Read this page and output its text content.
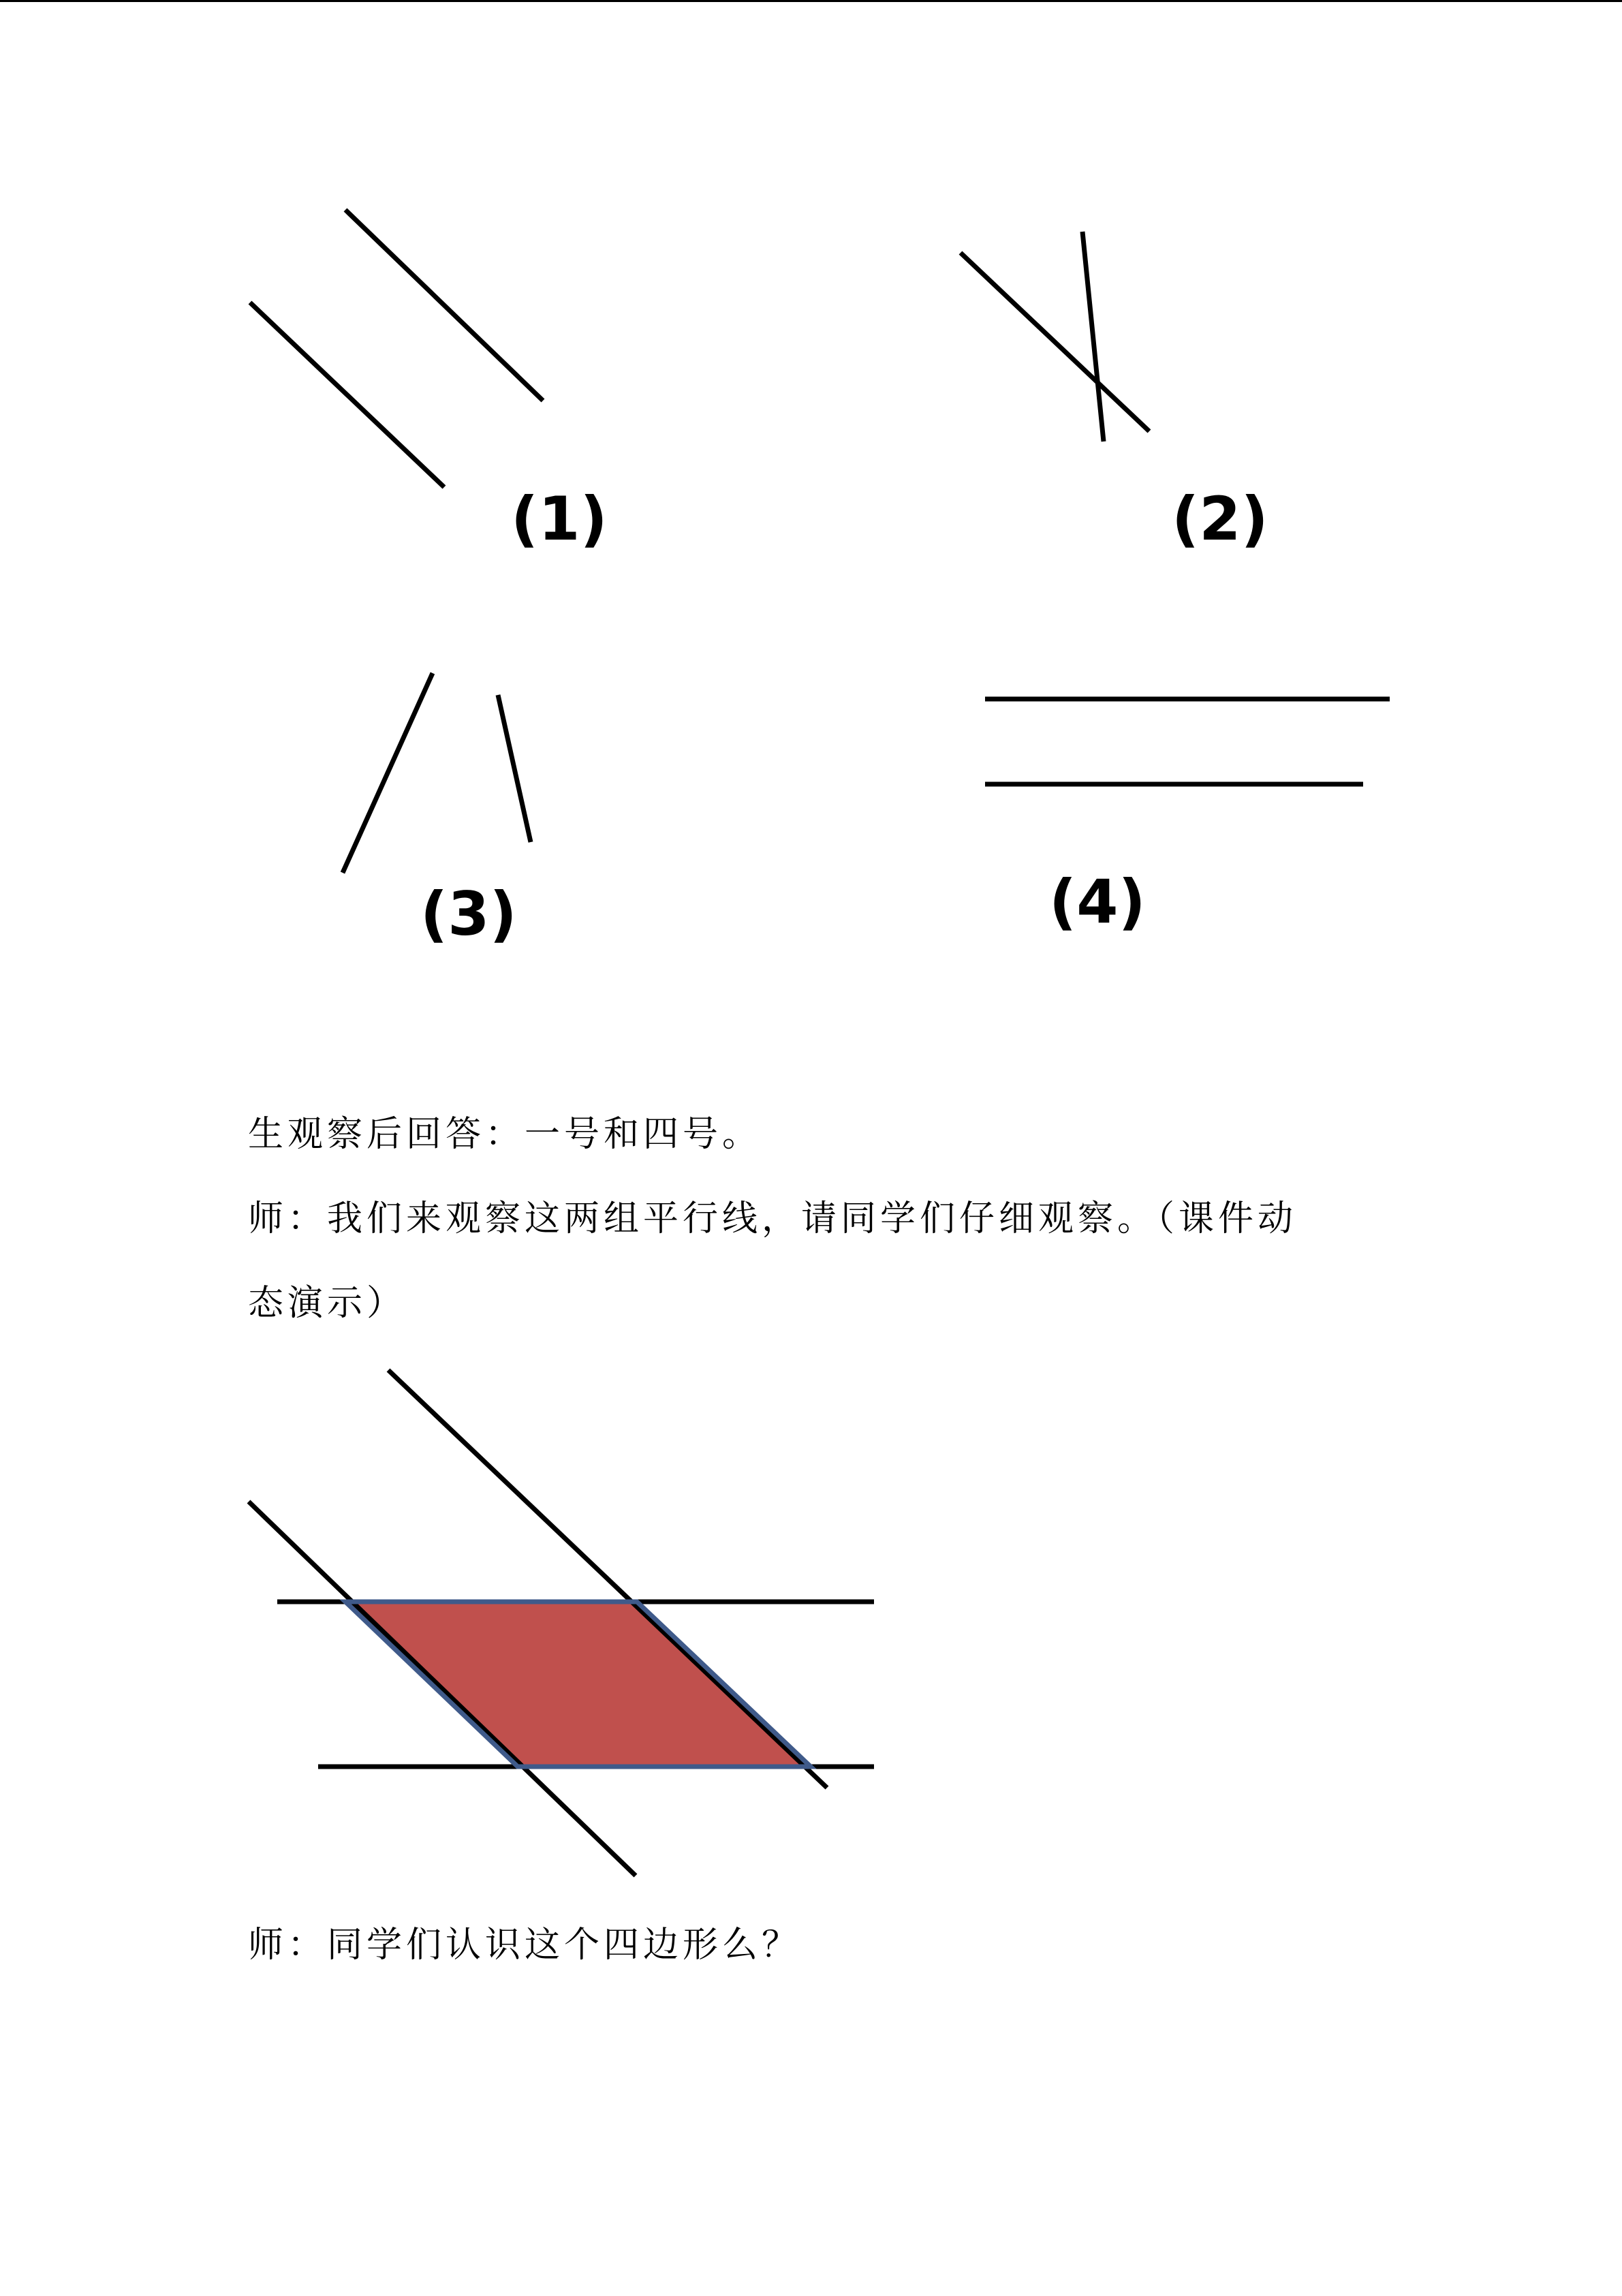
(1)	(2)
(3)	(4)
生观察后回答：一号和四号。
师：我们来观察这两组平行线，请同学们仔细观察。（课件动
态演示）
师：同学们认识这个四边形么？
